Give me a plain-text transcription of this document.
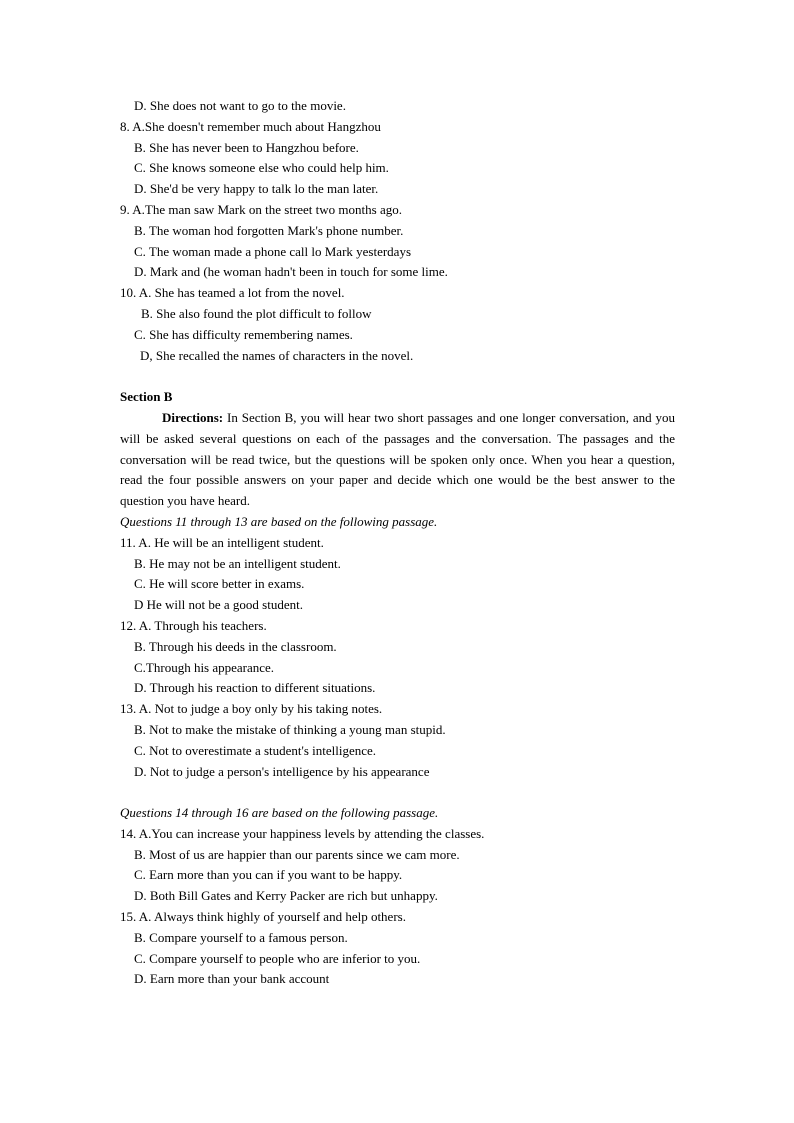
D. She does not want to go to the movie.
8. A.She doesn't remember much about Hangzhou
B. She has never been to Hangzhou before.
C. She knows someone else who could help him.
D. She'd be very happy to talk lo the man later.
9. A.The man saw Mark on the street two months ago.
B. The woman hod forgotten Mark's phone number.
C. The woman made a phone call lo Mark yesterdays
D. Mark and (he woman hadn't been in touch for some lime.
10. A. She has teamed a lot from the novel.
B. She also found the plot difficult to follow
C. She has difficulty remembering names.
D, She recalled the names of characters in the novel.
Section B
Directions: In Section B, you will hear two short passages and one longer conversation, and you will be asked several questions on each of the passages and the conversation. The passages and the conversation will be read twice, but the questions will be spoken only once. When you hear a question, read the four possible answers on your paper and decide which one would be the best answer to the question you have heard.
Questions 11 through 13 are based on the following passage.
11. A. He will be an intelligent student.
B. He may not be an intelligent student.
C. He will score better in exams.
D He will not be a good student.
12. A. Through his teachers.
B. Through his deeds in the classroom.
C.Through his appearance.
D. Through his reaction to different situations.
13. A. Not to judge a boy only by his taking notes.
B. Not to make the mistake of thinking a young man stupid.
C. Not to overestimate a student's intelligence.
D. Not to judge a person's intelligence by his appearance
Questions 14 through 16 are based on the following passage.
14. A.You can increase your happiness levels by attending the classes.
B. Most of us are happier than our parents since we cam more.
C. Earn more than you can if you want to be happy.
D. Both Bill Gates and Kerry Packer are rich but unhappy.
15. A. Always think highly of yourself and help others.
B. Compare yourself to a famous person.
C. Compare yourself to people who are inferior to you.
D. Earn more than your bank account
